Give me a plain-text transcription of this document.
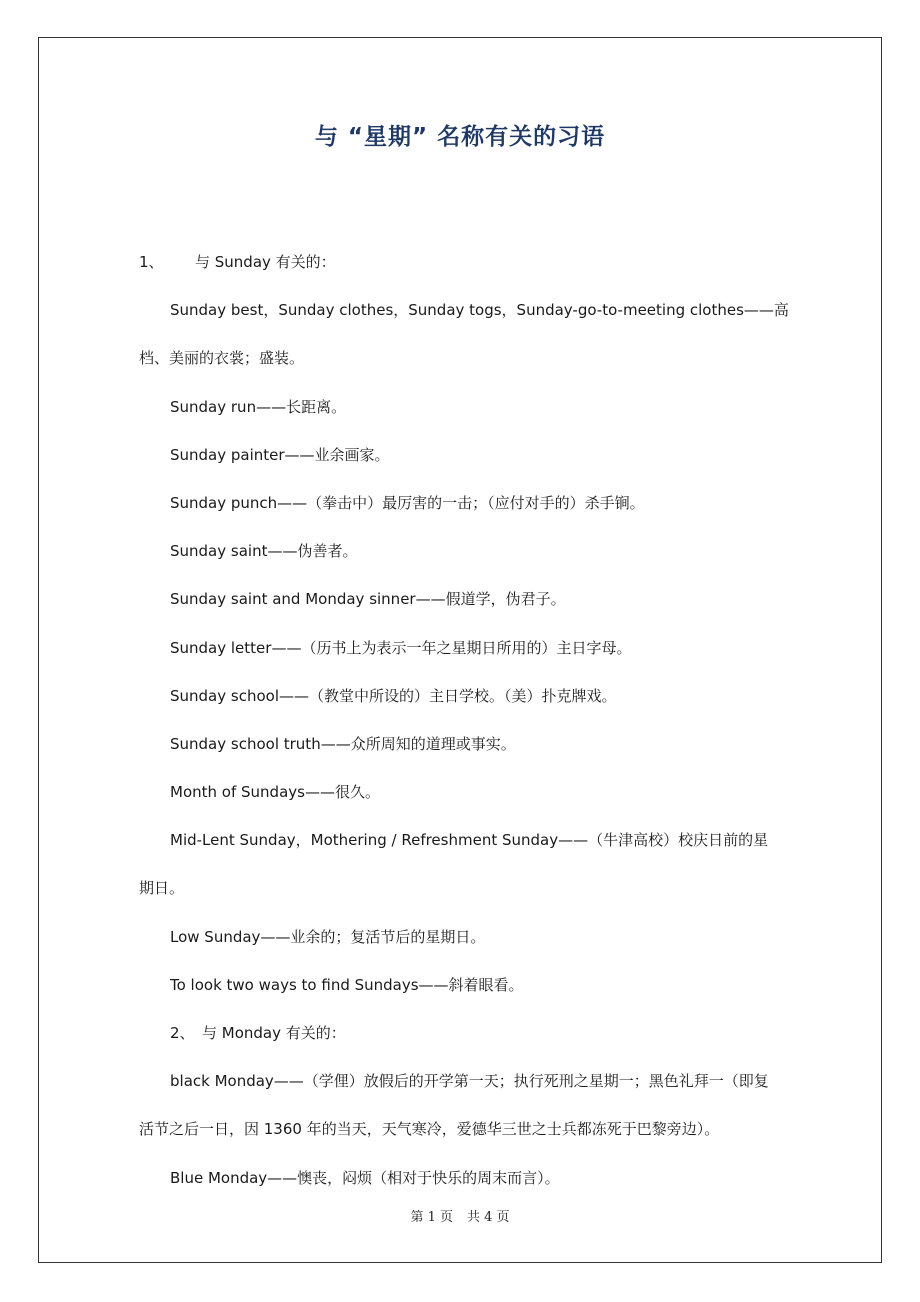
与 “星期” 名称有关的习语
1、 与 Sunday 有关的：
Sunday best，Sunday clothes，Sunday togs，Sunday-go-to-meeting clothes——高
档、美丽的衣裳；盛装。
Sunday run——长距离。
Sunday painter——业余画家。
Sunday punch——（拳击中）最厉害的一击；（应付对手的）杀手锏。
Sunday saint——伪善者。
Sunday saint and Monday sinner——假道学，伪君子。
Sunday letter——（历书上为表示一年之星期日所用的）主日字母。
Sunday school——（教堂中所设的）主日学校。（美）扑克牌戏。
Sunday school truth——众所周知的道理或事实。
Month of Sundays——很久。
Mid-Lent Sunday，Mothering / Refreshment Sunday——（牛津高校）校庆日前的星
期日。
Low Sunday——业余的；复活节后的星期日。
To look two ways to find Sundays——斜着眼看。
2、 与 Monday 有关的：
black Monday——（学俚）放假后的开学第一天；执行死刑之星期一；黑色礼拜一（即复
活节之后一日，因 1360 年的当天，天气寒冷，爱德华三世之士兵都冻死于巴黎旁边）。
Blue Monday——懊丧，闷烦（相对于快乐的周末而言）。
第 1 页 共 4 页
